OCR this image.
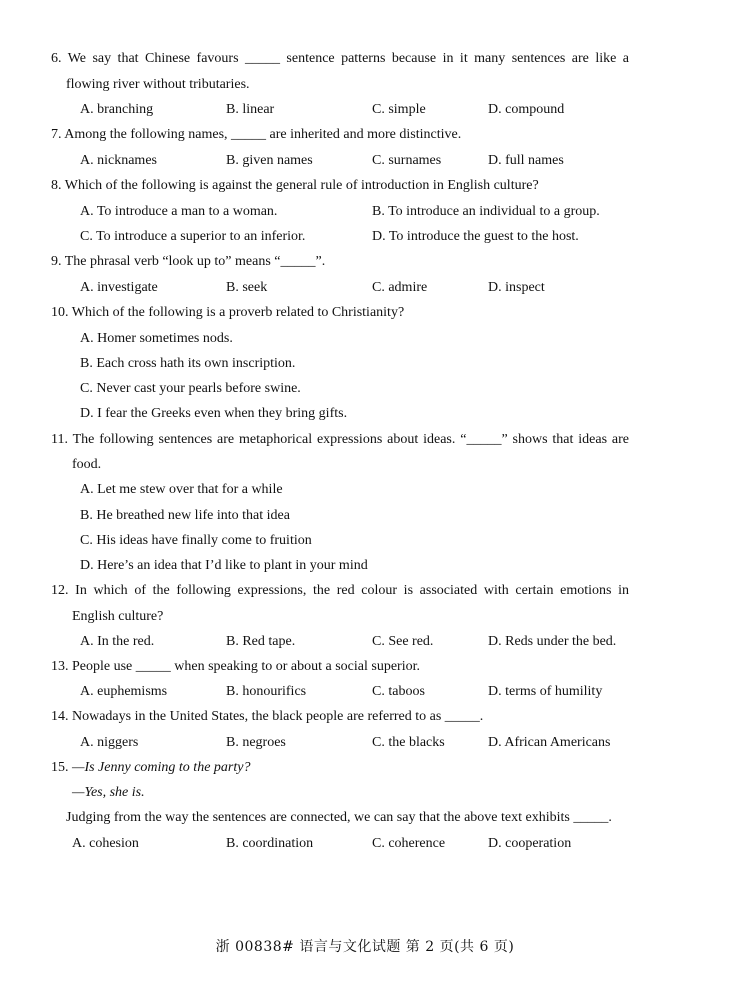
6. We say that Chinese favours _____ sentence patterns because in it many sentences are like a
flowing river without tributaries.
A. branching	B. linear	C. simple	D. compound
7. Among the following names, _____ are inherited and more distinctive.
A. nicknames	B. given names	C. surnames	D. full names
8. Which of the following is against the general rule of introduction in English culture?
A. To introduce a man to a woman.	B. To introduce an individual to a group.
C. To introduce a superior to an inferior.	D. To introduce the guest to the host.
9. The phrasal verb “look up to” means “_____”.
A. investigate	B. seek	C. admire	D. inspect
10. Which of the following is a proverb related to Christianity?
A. Homer sometimes nods.
B. Each cross hath its own inscription.
C. Never cast your pearls before swine.
D. I fear the Greeks even when they bring gifts.
11. The following sentences are metaphorical expressions about ideas. “_____” shows that ideas are
food.
A. Let me stew over that for a while
B. He breathed new life into that idea
C. His ideas have finally come to fruition
D. Here’s an idea that I’d like to plant in your mind
12. In which of the following expressions, the red colour is associated with certain emotions in
English culture?
A. In the red.	B. Red tape.	C. See red.	D. Reds under the bed.
13. People use _____ when speaking to or about a social superior.
A. euphemisms	B. honourifics	C. taboos	D. terms of humility
14. Nowadays in the United States, the black people are referred to as _____.
A. niggers	B. negroes	C. the blacks	D. African Americans
15. —Is Jenny coming to the party?
—Yes, she is.
Judging from the way the sentences are connected, we can say that the above text exhibits _____.
A. cohesion	B. coordination	C. coherence	D. cooperation
浙 00838# 语言与文化试题 第 2 页(共 6 页)
